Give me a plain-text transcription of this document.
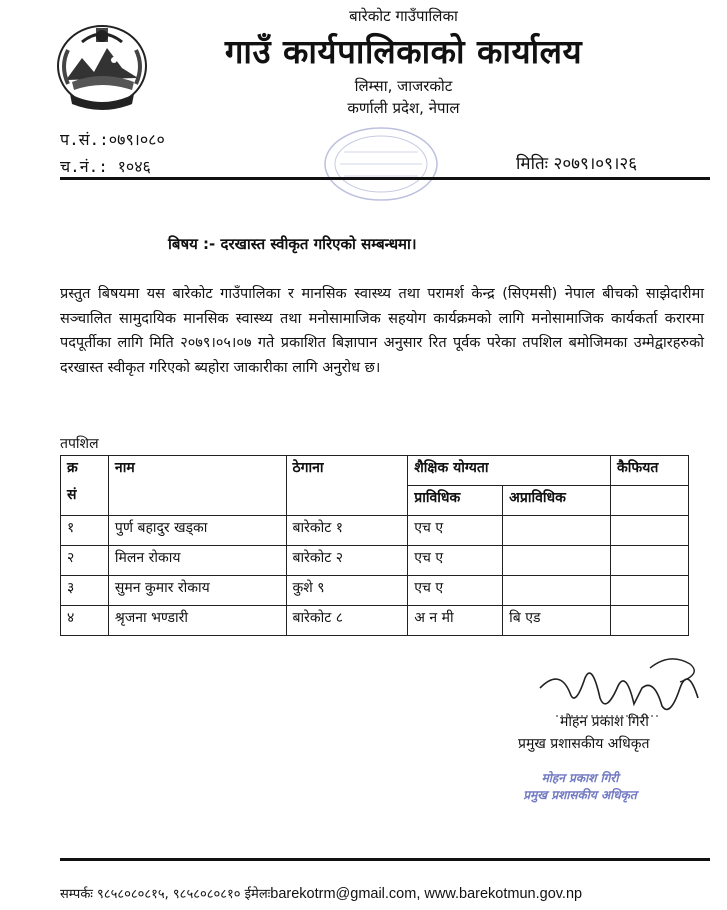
बारेकोट गाउँपालिका
गाउँ कार्यपालिकाको कार्यालय
लिम्सा, जाजरकोट
कर्णाली प्रदेश, नेपाल
प.सं.:०७९।०८०
च.नं.: १०४६	मितिः २०७९।०९।२६
बिषय :- दरखास्त स्वीकृत गरिएको सम्बन्धमा।
प्रस्तुत बिषयमा यस बारेकोट गाउँपालिका र मानसिक स्वास्थ्य तथा परामर्श केन्द्र (सिएमसी) नेपाल बीचको साझेदारीमा सञ्चालित सामुदायिक मानसिक स्वास्थ्य तथा मनोसामाजिक सहयोग कार्यक्रमको लागि मनोसामाजिक कार्यकर्ता करारमा पदपूर्तीका लागि मिति २०७९।०५।०७ गते प्रकाशित बिज्ञापान अनुसार रित पूर्वक परेका तपशिल बमोजिमका उम्मेद्वारहरुको दरखास्त स्वीकृत गरिएको ब्यहोरा जाकारीका लागि अनुरोध छ।
तपशिल
क्र
सं	नाम	ठेगाना	शैक्षिक योग्यता		कैफियत
			प्राविधिक	अप्राविधिक	
१	पुर्ण बहादुर खड्का	बारेकोट १	एच ए		
२	मिलन रोकाय	बारेकोट २	एच ए		
३	सुमन कुमार रोकाय	कुशे ९	एच ए		
४	श्रृजना भण्डारी	बारेकोट ८	अ न मी	बि एड	
मोहन प्रकाश गिरी
प्रमुख प्रशासकीय अधिकृत
मोहन प्रकाश गिरी
प्रमुख प्रशासकीय अधिकृत
सम्पर्कः ९८५८०८०८१५, ९८५८०८०८१० ईमेलःbarekotrm@gmail.com, www.barekotmun.gov.np
